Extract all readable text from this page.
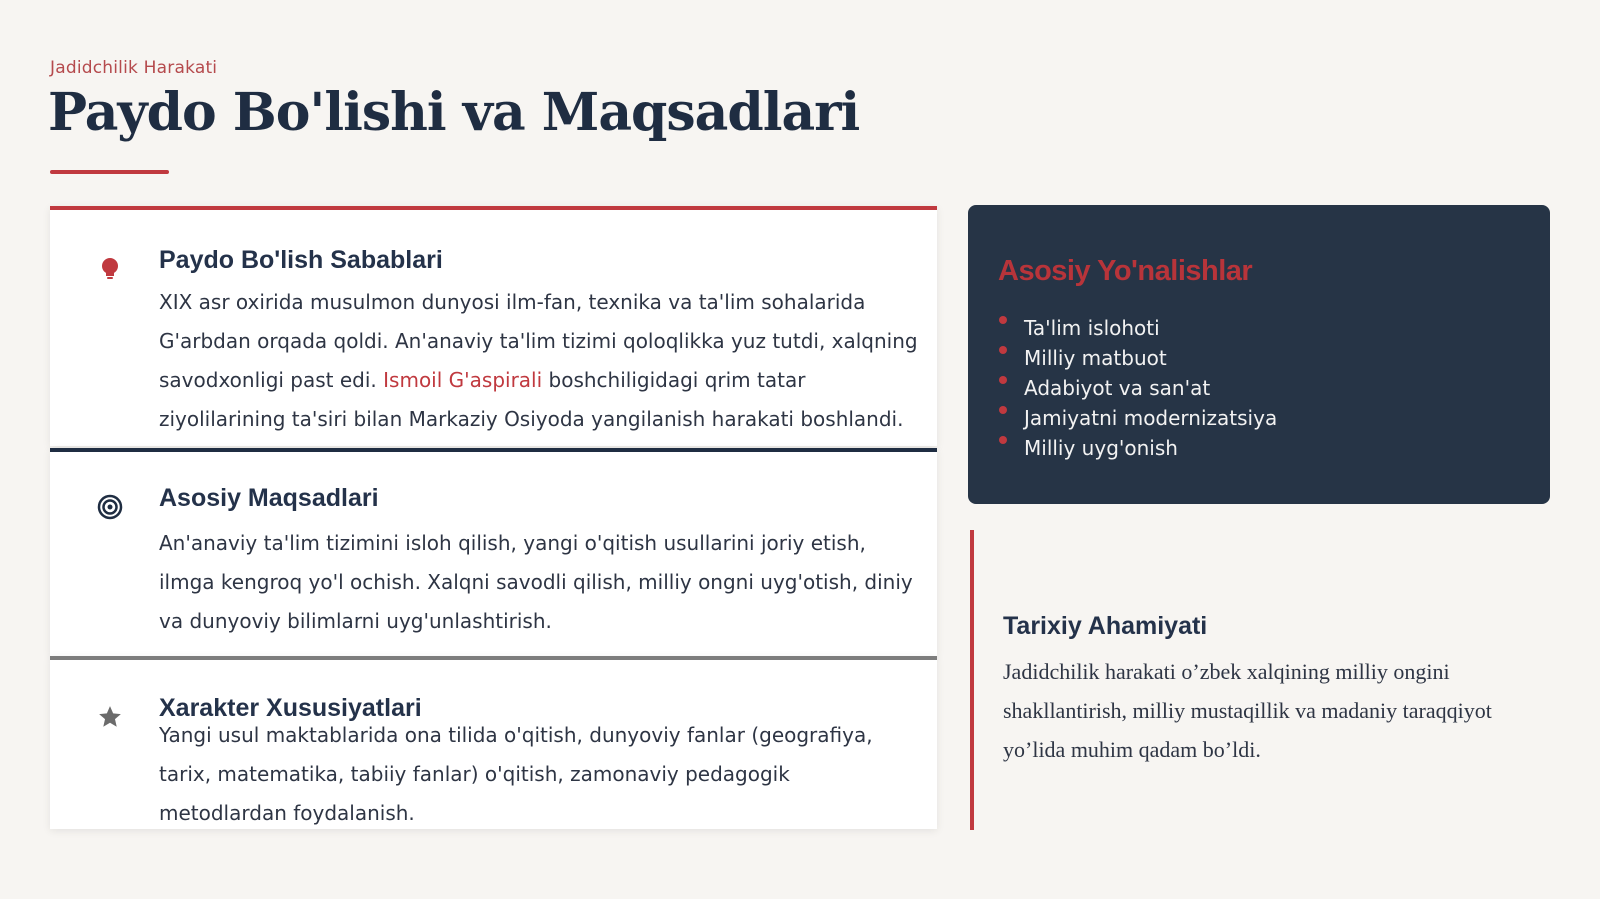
Jadidchilik Harakati
Paydo Bo'lishi va Maqsadlari
Paydo Bo'lish Sabablari

XIX asr oxirida musulmon dunyosi ilm-fan, texnika va ta'lim sohalarida G'arbdan orqada qoldi. An'anaviy ta'lim tizimi qoloqlikka yuz tutdi, xalqning savodxonligi past edi. Ismoil G'aspirali boshchiligidagi qrim tatar ziyolilarining ta'siri bilan Markaziy Osiyoda yangilanish harakati boshlandi.

Asosiy Maqsadlari

An'anaviy ta'lim tizimini isloh qilish, yangi o'qitish usullarini joriy etish, ilmga kengroq yo'l ochish. Xalqni savodli qilish, milliy ongni uyg'otish, diniy va dunyoviy bilimlarni uyg'unlashtirish.

Xarakter Xususiyatlari

Yangi usul maktablarida ona tilida o'qitish, dunyoviy fanlar (geografiya, tarix, matematika, tabiiy fanlar) o'qitish, zamonaviy pedagogik metodlardan foydalanish.

Asosiy Yo'nalishlar
Ta'lim islohoti
Milliy matbuot
Adabiyot va san'at
Jamiyatni modernizatsiya
Milliy uyg'onish
Tarixiy Ahamiyati

Jadidchilik harakati o’zbek xalqining milliy ongini shakllantirish, milliy mustaqillik va madaniy taraqqiyot yo’lida muhim qadam bo’ldi.
